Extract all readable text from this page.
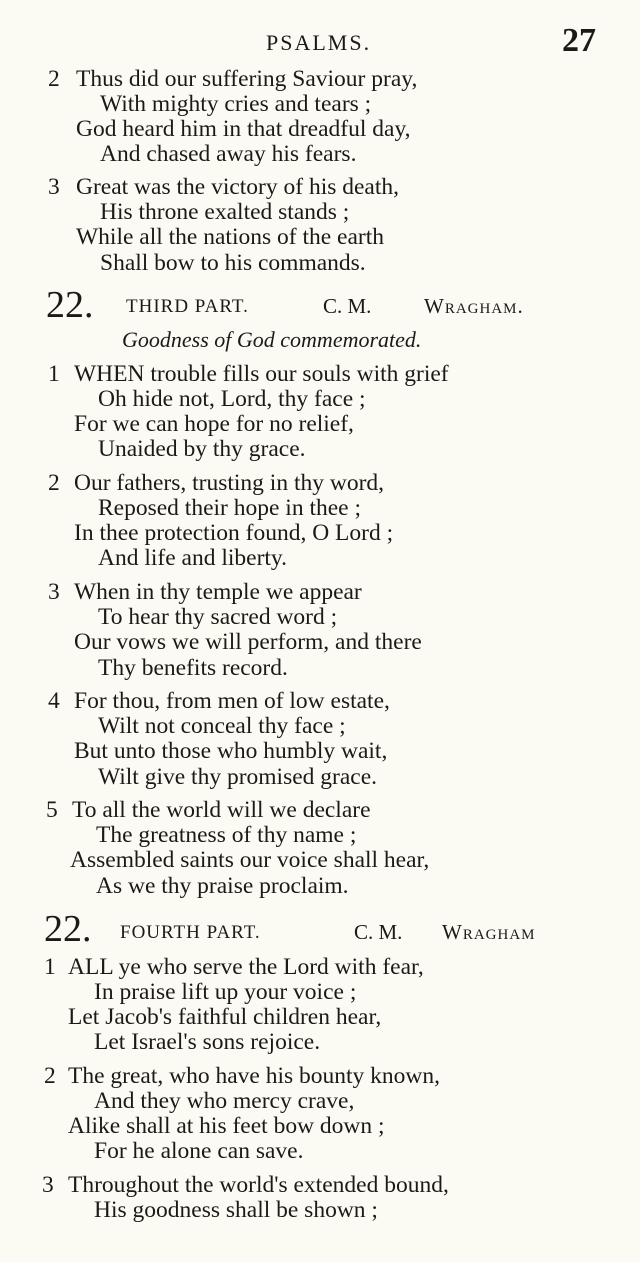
PSALMS.	27
2 Thus did our suffering Saviour pray,
With mighty cries and tears ;
God heard him in that dreadful day,
And chased away his fears.
3 Great was the victory of his death,
His throne exalted stands ;
While all the nations of the earth
Shall bow to his commands.
22. THIRD PART.	C. M.	Wragham.
Goodness of God commemorated.
1 WHEN trouble fills our souls with grief
Oh hide not, Lord, thy face ;
For we can hope for no relief,
Unaided by thy grace.
2 Our fathers, trusting in thy word,
Reposed their hope in thee ;
In thee protection found, O Lord ;
And life and liberty.
3 When in thy temple we appear
To hear thy sacred word ;
Our vows we will perform, and there
Thy benefits record.
4 For thou, from men of low estate,
Wilt not conceal thy face ;
But unto those who humbly wait,
Wilt give thy promised grace.
5 To all the world will we declare
The greatness of thy name ;
Assembled saints our voice shall hear,
As we thy praise proclaim.
22. FOURTH PART.	C. M. Wragham
1 ALL ye who serve the Lord with fear,
In praise lift up your voice ;
Let Jacob's faithful children hear,
Let Israel's sons rejoice.
2 The great, who have his bounty known,
And they who mercy crave,
Alike shall at his feet bow down ;
For he alone can save.
3 Throughout the world's extended bound,
His goodness shall be shown ;
